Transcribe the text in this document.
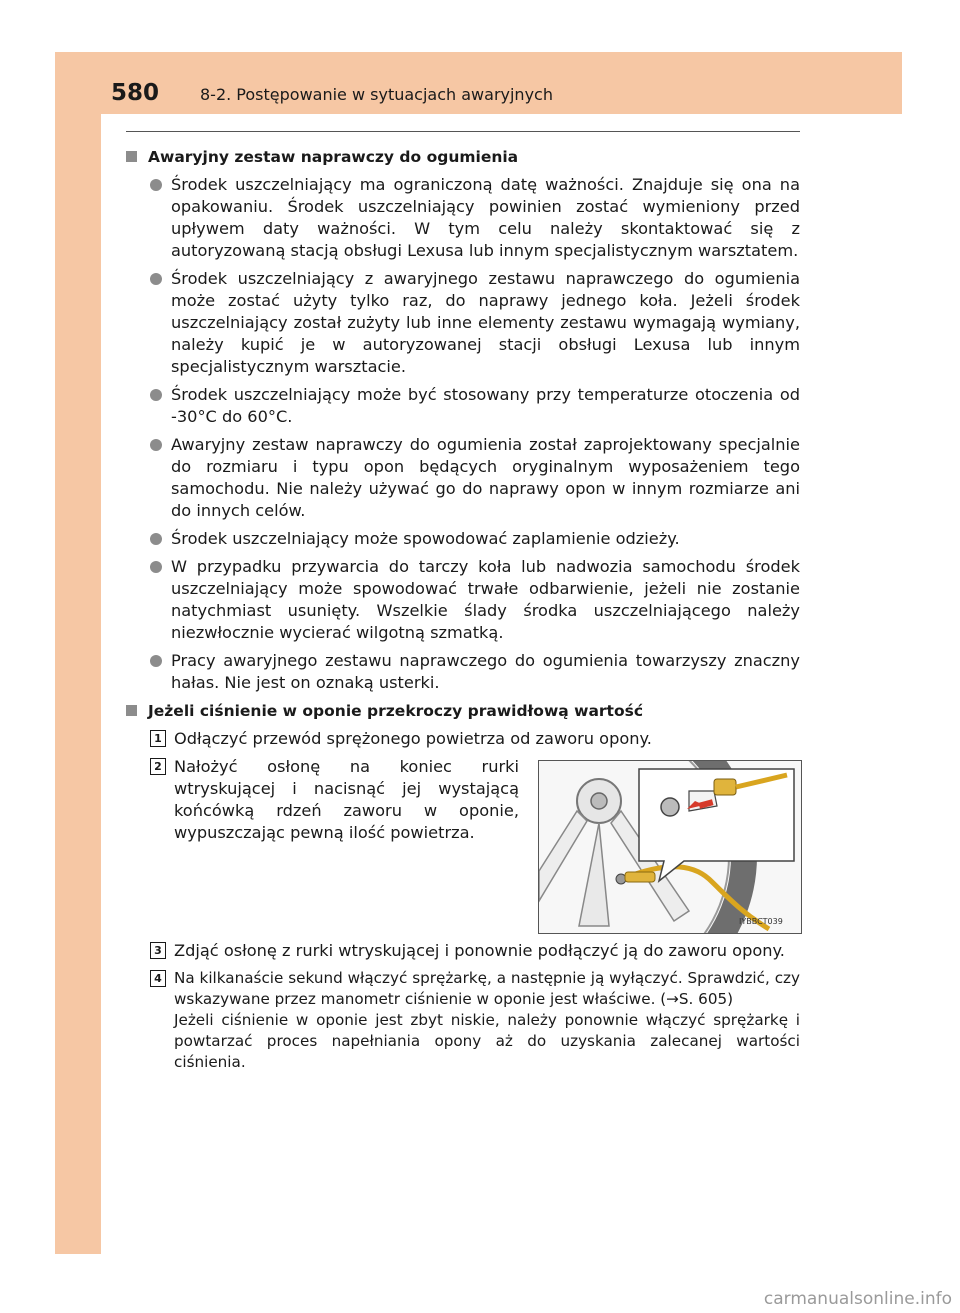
580	8-2. Postępowanie w sytuacjach awaryjnych
Awaryjny zestaw naprawczy do ogumienia
Środek uszczelniający ma ograniczoną datę ważności. Znajduje się ona na opakowaniu. Środek uszczelniający powinien zostać wymieniony przed upływem daty ważności. W tym celu należy skontaktować się z autoryzowaną stacją obsługi Lexusa lub innym specjalistycznym warsztatem.
Środek uszczelniający z awaryjnego zestawu naprawczego do ogumienia może zostać użyty tylko raz, do naprawy jednego koła. Jeżeli środek uszczelniający został zużyty lub inne elementy zestawu wymagają wymiany, należy kupić je w autoryzowanej stacji obsługi Lexusa lub innym specjalistycznym warsztacie.
Środek uszczelniający może być stosowany przy temperaturze otoczenia od -30°C do 60°C.
Awaryjny zestaw naprawczy do ogumienia został zaprojektowany specjalnie do rozmiaru i typu opon będących oryginalnym wyposażeniem tego samochodu. Nie należy używać go do naprawy opon w innym rozmiarze ani do innych celów.
Środek uszczelniający może spowodować zaplamienie odzieży.
W przypadku przywarcia do tarczy koła lub nadwozia samochodu środek uszczelniający może spowodować trwałe odbarwienie, jeżeli nie zostanie natychmiast usunięty. Wszelkie ślady środka uszczelniającego należy niezwłocznie wycierać wilgotną szmatką.
Pracy awaryjnego zestawu naprawczego do ogumienia towarzyszy znaczny hałas. Nie jest on oznaką usterki.
Jeżeli ciśnienie w oponie przekroczy prawidłową wartość
1 Odłączyć przewód sprężonego powietrza od zaworu opony.
2 Nałożyć osłonę na koniec rurki wtryskującej i nacisnąć jej wystającą końcówką rdzeń zaworu w oponie, wypuszczając pewną ilość powietrza.
IYBBCT039
3 Zdjąć osłonę z rurki wtryskującej i ponownie podłączyć ją do zaworu opony.
4 Na kilkanaście sekund włączyć sprężarkę, a następnie ją wyłączyć. Sprawdzić, czy wskazywane przez manometr ciśnienie w oponie jest właściwe. (→S. 605)
Jeżeli ciśnienie w oponie jest zbyt niskie, należy ponownie włączyć sprężarkę i powtarzać proces napełniania opony aż do uzyskania zalecanej wartości ciśnienia.
carmanualsonline.info
